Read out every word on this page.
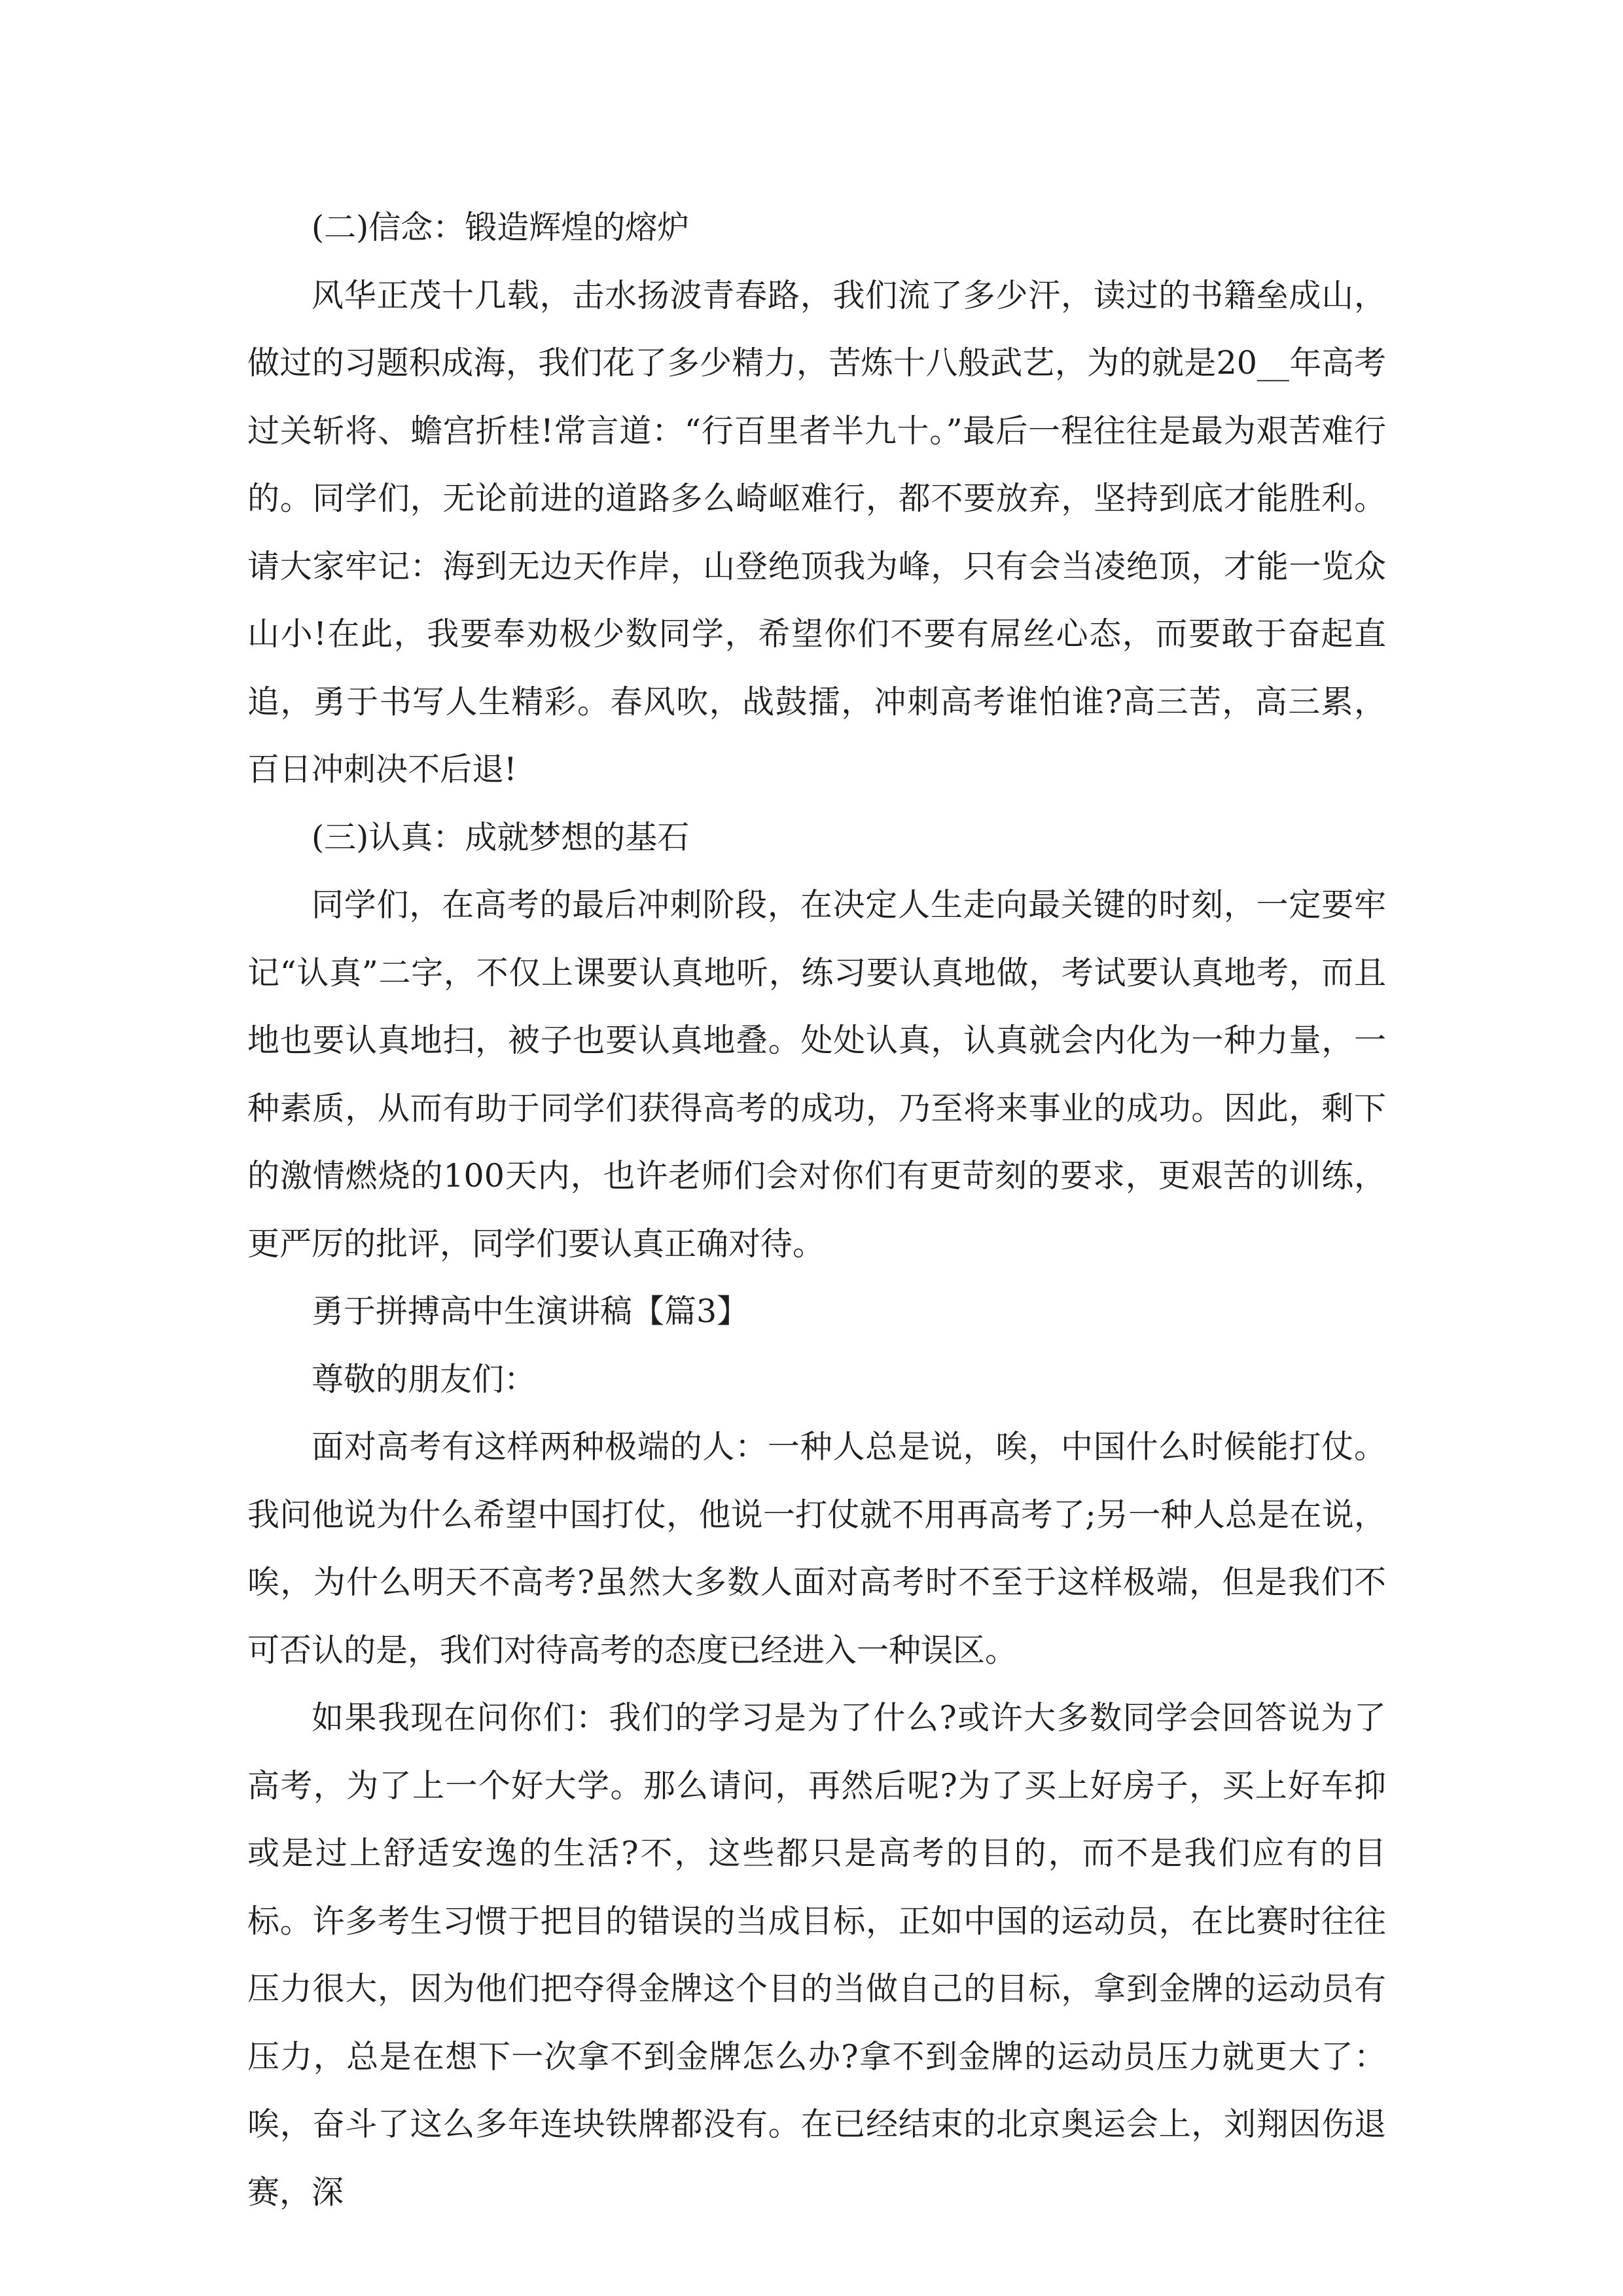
(二)信念：锻造辉煌的熔炉

风华正茂十几载，击水扬波青春路，我们流了多少汗，读过的书籍垒成山，做过的习题积成海，我们花了多少精力，苦炼十八般武艺，为的就是20__年高考过关斩将、蟾宫折桂!常言道：“行百里者半九十。”最后一程往往是最为艰苦难行的。同学们，无论前进的道路多么崎岖难行，都不要放弃，坚持到底才能胜利。请大家牢记：海到无边天作岸，山登绝顶我为峰，只有会当凌绝顶，才能一览众山小!在此，我要奉劝极少数同学，希望你们不要有屌丝心态，而要敢于奋起直追，勇于书写人生精彩。春风吹，战鼓擂，冲刺高考谁怕谁?高三苦，高三累，百日冲刺决不后退!

(三)认真：成就梦想的基石

同学们，在高考的最后冲刺阶段，在决定人生走向最关键的时刻，一定要牢记“认真”二字，不仅上课要认真地听，练习要认真地做，考试要认真地考，而且地也要认真地扫，被子也要认真地叠。处处认真，认真就会内化为一种力量，一种素质，从而有助于同学们获得高考的成功，乃至将来事业的成功。因此，剩下的激情燃烧的100天内，也许老师们会对你们有更苛刻的要求，更艰苦的训练，更严厉的批评，同学们要认真正确对待。

勇于拼搏高中生演讲稿【篇3】

尊敬的朋友们：

面对高考有这样两种极端的人：一种人总是说，唉，中国什么时候能打仗。我问他说为什么希望中国打仗，他说一打仗就不用再高考了;另一种人总是在说，唉，为什么明天不高考?虽然大多数人面对高考时不至于这样极端，但是我们不可否认的是，我们对待高考的态度已经进入一种误区。

如果我现在问你们：我们的学习是为了什么?或许大多数同学会回答说为了高考，为了上一个好大学。那么请问，再然后呢?为了买上好房子，买上好车抑或是过上舒适安逸的生活?不，这些都只是高考的目的，而不是我们应有的目标。许多考生习惯于把目的错误的当成目标，正如中国的运动员，在比赛时往往压力很大，因为他们把夺得金牌这个目的当做自己的目标，拿到金牌的运动员有压力，总是在想下一次拿不到金牌怎么办?拿不到金牌的运动员压力就更大了：唉，奋斗了这么多年连块铁牌都没有。在已经结束的北京奥运会上，刘翔因伤退赛，深
